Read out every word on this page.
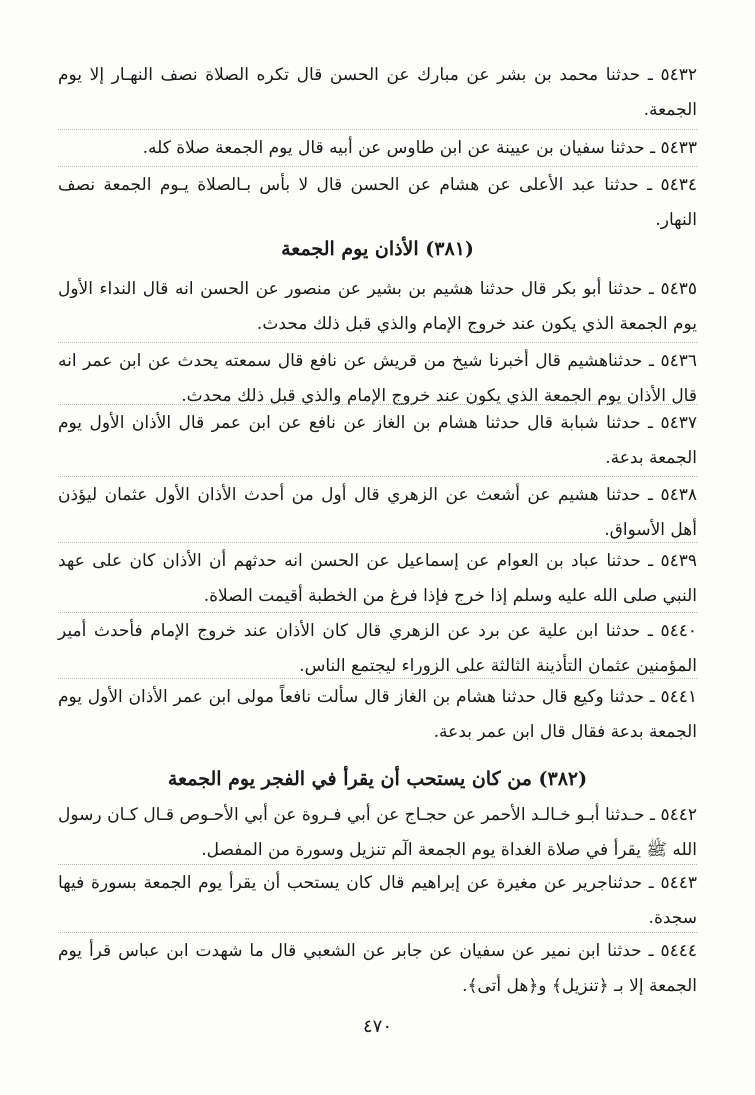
٥٤٣٢ ـ حدثنا محمد بن بشر عن مبارك عن الحسن قال تكره الصلاة نصف النهـار إلا يوم الجمعة.

٥٤٣٣ ـ حدثنا سفيان بن عيينة عن ابن طاوس عن أبيه قال يوم الجمعة صلاة كله.

٥٤٣٤ ـ حدثنا عبد الأعلى عن هشام عن الحسن قال لا بأس بـالصلاة يـوم الجمعة نصف النهار.

(٣٨١) الأذان يوم الجمعة

٥٤٣٥ ـ حدثنا أبو بكر قال حدثنا هشيم بن بشير عن منصور عن الحسن انه قال النداء الأول يوم الجمعة الذي يكون عند خروج الإمام والذي قبل ذلك محدث.

٥٤٣٦ ـ حدثناهشيم قال أخبرنا شيخ من قريش عن نافع قال سمعته يحدث عن ابن عمر انه قال الأذان يوم الجمعة الذي يكون عند خروج الإمام والذي قبل ذلك محدث.

٥٤٣٧ ـ حدثنا شبابة قال حدثنا هشام بن الغاز عن نافع عن ابن عمر قال الأذان الأول يوم الجمعة بدعة.

٥٤٣٨ ـ حدثنا هشيم عن أشعث عن الزهري قال أول من أحدث الأذان الأول عثمان ليؤذن أهل الأسواق.

٥٤٣٩ ـ حدثنا عباد بن العوام عن إسماعيل عن الحسن انه حدثهم أن الأذان كان على عهد النبي صلى الله عليه وسلم إذا خرج فإذا فرغ من الخطبة أقيمت الصلاة.

٥٤٤٠ ـ حدثنا ابن علية عن برد عن الزهري قال كان الأذان عند خروج الإمام فأحدث أمير المؤمنين عثمان التأذينة الثالثة على الزوراء ليجتمع الناس.

٥٤٤١ ـ حدثنا وكيع قال حدثنا هشام بن الغاز قال سألت نافعاً مولى ابن عمر الأذان الأول يوم الجمعة بدعة فقال قال ابن عمر بدعة.

(٣٨٢) من كان يستحب أن يقرأ في الفجر يوم الجمعة

٥٤٤٢ ـ حـدثنا أبـو خـالـد الأحمر عن حجـاج عن أبي فـروة عن أبي الأحـوص قـال كـان رسول الله ﷺ يقرأ في صلاة الغداة يوم الجمعة الٓم تنزيل وسورة من المفصل.

٥٤٤٣ ـ حدثناجرير عن مغيرة عن إبراهيم قال كان يستحب أن يقرأ يوم الجمعة بسورة فيها سجدة.

٥٤٤٤ ـ حدثنا ابن نمير عن سفيان عن جابر عن الشعبي قال ما شهدت ابن عباس قرأ يوم الجمعة إلا بـ ﴿تنزيل﴾ و﴿هل أتى﴾.

٤٧٠
